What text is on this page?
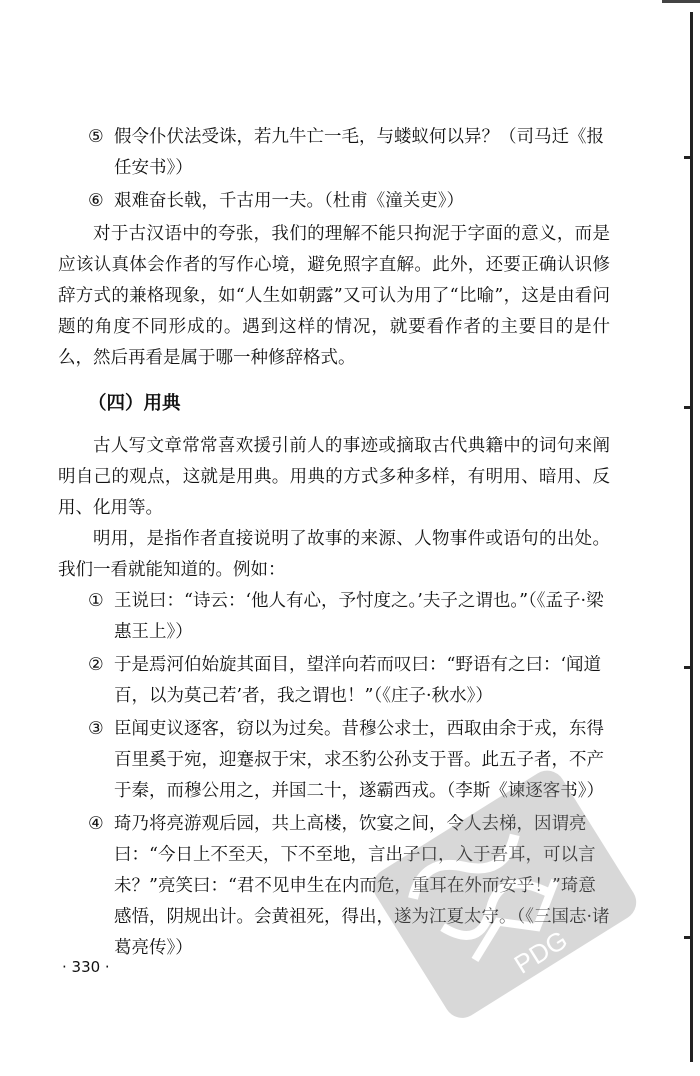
⑤ 假令仆伏法受诛，若九牛亡一毛，与蝼蚁何以异？（司马迁《报任安书》）
⑥ 艰难奋长戟，千古用一夫。（杜甫《潼关吏》）

对于古汉语中的夸张，我们的理解不能只拘泥于字面的意义，而是应该认真体会作者的写作心境，避免照字直解。此外，还要正确认识修辞方式的兼格现象，如“人生如朝露”又可认为用了“比喻”，这是由看问题的角度不同形成的。遇到这样的情况，就要看作者的主要目的是什么，然后再看是属于哪一种修辞格式。

（四）用典

古人写文章常常喜欢援引前人的事迹或摘取古代典籍中的词句来阐明自己的观点，这就是用典。用典的方式多种多样，有明用、暗用、反用、化用等。

明用，是指作者直接说明了故事的来源、人物事件或语句的出处。我们一看就能知道的。例如：

① 王说曰：“诗云：‘他人有心，予忖度之。’夫子之谓也。”（《孟子·梁惠王上》）
② 于是焉河伯始旋其面目，望洋向若而叹曰：“野语有之曰：‘闻道百，以为莫己若’者，我之谓也！”（《庄子·秋水》）
③ 臣闻吏议逐客，窃以为过矣。昔穆公求士，西取由余于戎，东得百里奚于宛，迎蹇叔于宋，求丕豹公孙支于晋。此五子者，不产于秦，而穆公用之，并国二十，遂霸西戎。（李斯《谏逐客书》）
④ 琦乃将亮游观后园，共上高楼，饮宴之间，令人去梯，因谓亮曰：“今日上不至天，下不至地，言出子口，入于吾耳，可以言未？”亮笑曰：“君不见申生在内而危，重耳在外而安乎！”琦意感悟，阴规出计。会黄祖死，得出，遂为江夏太守。（《三国志·诸葛亮传》）
· 330 ·	PDG
